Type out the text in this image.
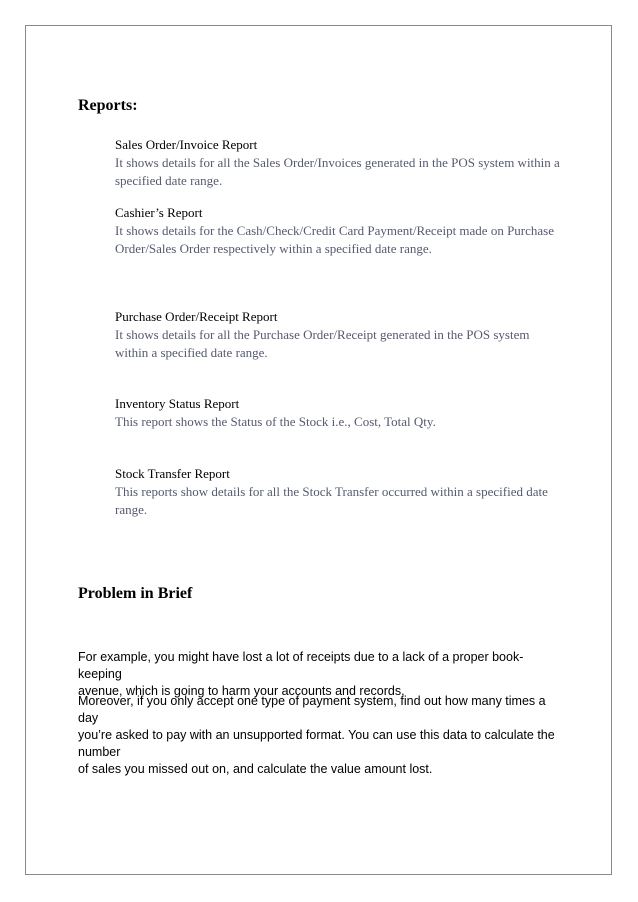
Reports:

Sales Order/Invoice Report

It shows details for all the Sales Order/Invoices generated in the POS system within a

specified date range.

Cashier’s Report

It shows details for the Cash/Check/Credit Card Payment/Receipt made on Purchase

Order/Sales Order respectively within a specified date range.

Purchase Order/Receipt Report

It shows details for all the Purchase Order/Receipt generated in the POS system

within a specified date range.

Inventory Status Report

This report shows the Status of the Stock i.e., Cost, Total Qty.

Stock Transfer Report

This reports show details for all the Stock Transfer occurred within a specified date

range.

Problem in Brief
For example, you might have lost a lot of receipts due to a lack of a proper book-keeping
avenue, which is going to harm your accounts and records.
Moreover, if you only accept one type of payment system, find out how many times a day
you’re asked to pay with an unsupported format. You can use this data to calculate the number
of sales you missed out on, and calculate the value amount lost.
